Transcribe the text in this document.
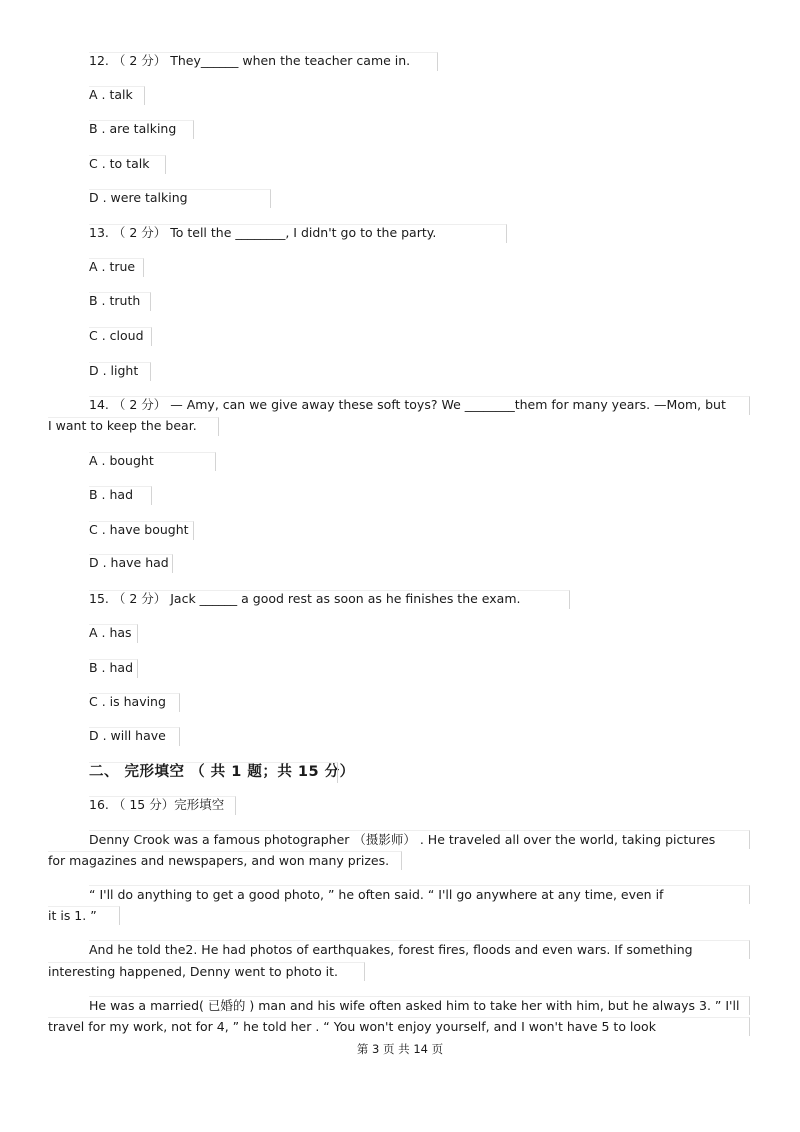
12. （ 2 分） They______ when the teacher came in.
A . talk
B . are talking
C . to talk
D . were talking
13. （ 2 分） To tell the ________, I didn't go to the party.
A . true
B . truth
C . cloud
D . light
14. （ 2 分） — Amy, can we give away these soft toys? We ________them for many years. —Mom, but
I want to keep the bear.
A . bought
B . had
C . have bought
D . have had
15. （ 2 分） Jack ______ a good rest as soon as he finishes the exam.
A . has
B . had
C . is having
D . will have
二、 完形填空 （ 共 1 题；共 15 分）
16. （ 15 分）完形填空
Denny Crook was a famous photographer （摄影师） . He traveled all over the world, taking pictures
for magazines and newspapers, and won many prizes.
“ I'll do anything to get a good photo, ” he often said. “ I'll go anywhere at any time, even if
it is 1. ”
And he told the2. He had photos of earthquakes, forest fires, floods and even wars. If something
interesting happened, Denny went to photo it.
He was a married( 已婚的 ) man and his wife often asked him to take her with him, but he always 3. ” I'll
travel for my work, not for 4, ” he told her . “ You won't enjoy yourself, and I won't have 5 to look
第 3 页 共 14 页
